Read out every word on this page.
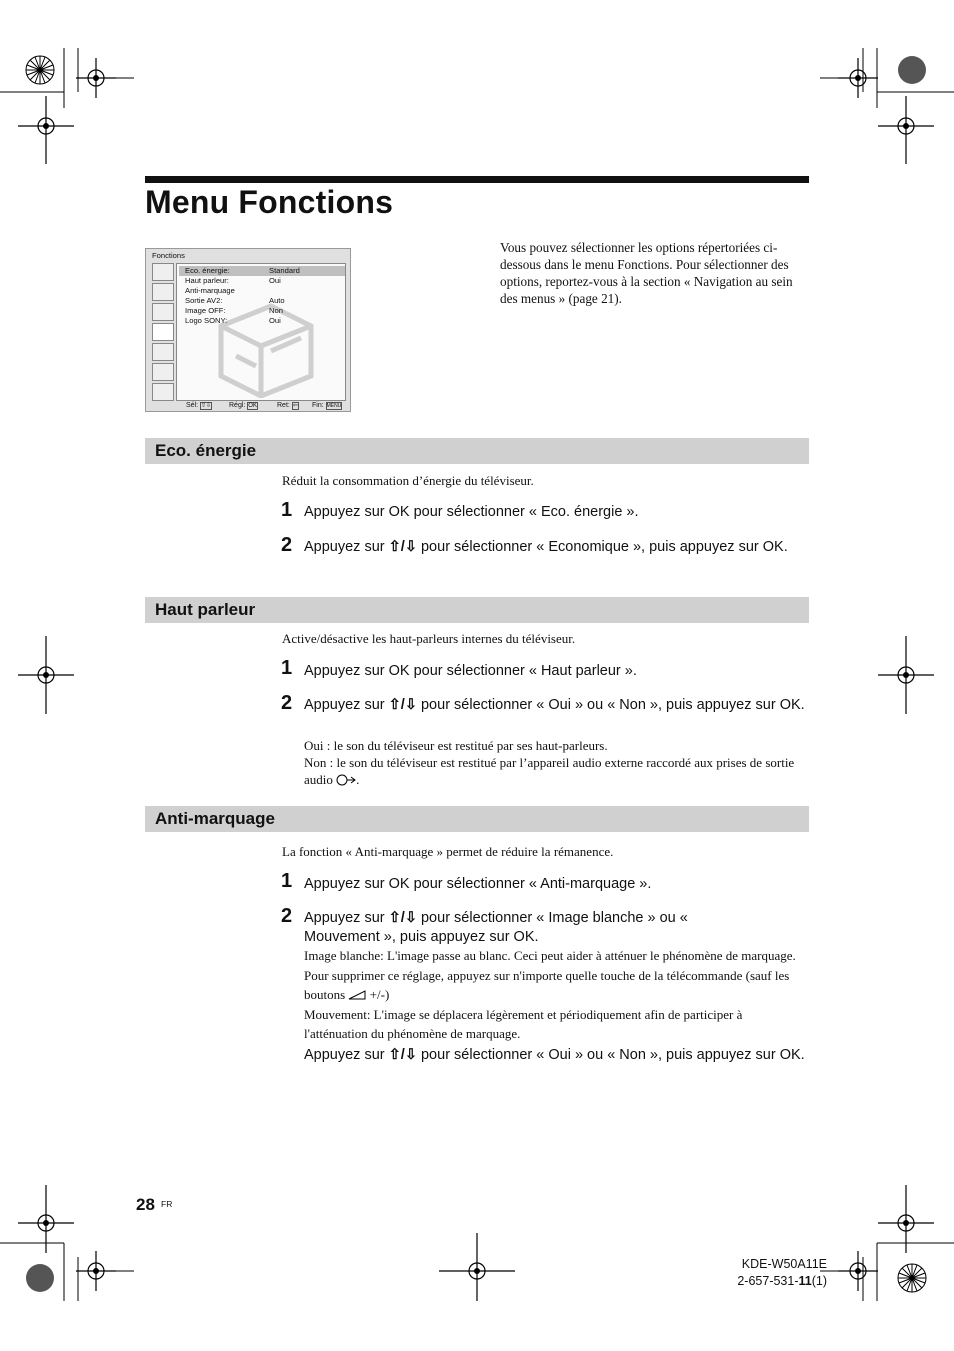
Menu Fonctions
Fonctions
Eco. énergie:	Standard
Haut parleur:	Oui
Anti-marquage
Sortie AV2:	Auto
Image OFF:	Non
Logo SONY:	Oui
Sél: ⇧⇩	Régl: OK	Ret: ⇦ Fin: MENU
Vous pouvez sélectionner les options répertoriées ci-dessous dans le menu Fonctions. Pour sélectionner des options, reportez-vous à la section « Navigation au sein des menus » (page 21).
Eco. énergie
Réduit la consommation d’énergie du téléviseur.
1 Appuyez sur OK pour sélectionner « Eco. énergie ».
2 Appuyez sur ⇧/⇩ pour sélectionner « Economique », puis appuyez sur OK.
Haut parleur
Active/désactive les haut-parleurs internes du téléviseur.
1 Appuyez sur OK pour sélectionner « Haut parleur ».
2 Appuyez sur ⇧/⇩ pour sélectionner « Oui » ou « Non », puis appuyez sur OK.
Oui : le son du téléviseur est restitué par ses haut-parleurs.
Non : le son du téléviseur est restitué par l’appareil audio externe raccordé aux prises de sortie audio .
Anti-marquage
La fonction « Anti-marquage » permet de réduire la rémanence.
1 Appuyez sur OK pour sélectionner « Anti-marquage ».
2 Appuyez sur ⇧/⇩ pour sélectionner « Image blanche » ou « Mouvement », puis appuyez sur OK.
Image blanche: L'image passe au blanc. Ceci peut aider à atténuer le phénomène de marquage. Pour supprimer ce réglage, appuyez sur n'importe quelle touche de la télécommande (sauf les boutons  +/-)
Mouvement: L'image se déplacera légèrement et périodiquement afin de participer à l'atténuation du phénomène de marquage.
Appuyez sur ⇧/⇩ pour sélectionner « Oui » ou « Non », puis appuyez sur OK.
28 FR
KDE-W50A11E
2-657-531-11(1)
